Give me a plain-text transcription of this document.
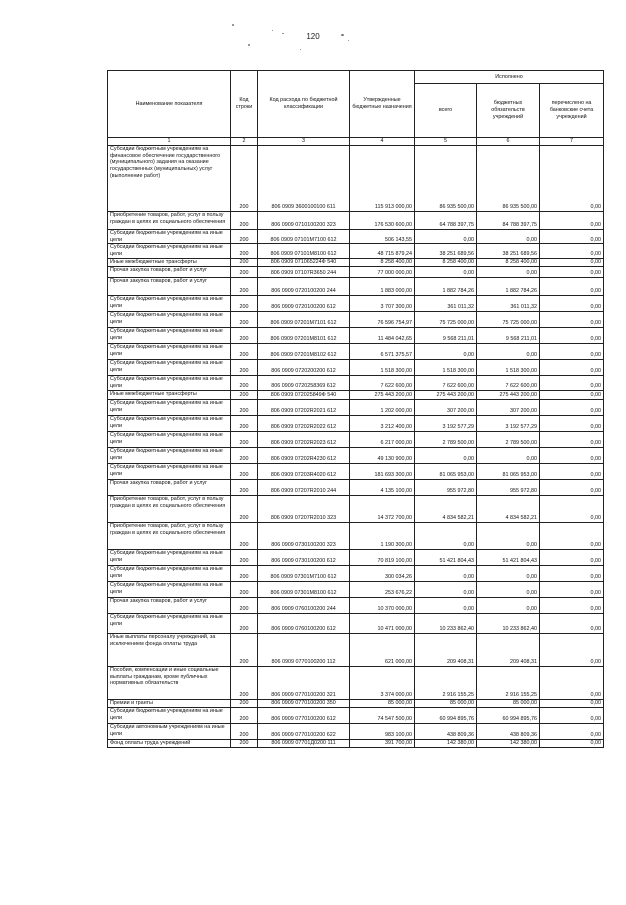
120
Наименование показателя	Код строки	Код расхода по бюджетной классификации	Утвержденные бюджетные назначения	Исполнено		
				всего	бюджетных обязательств учреждений	перечислено на банковские счета учреждений
1	2	3	4	5	6	7
Субсидии бюджетным учреждениям на финансовое обеспечение государственного (муниципального) задания на оказание государственных (муниципальных) услуг (выполнение работ)	200	806 0909 3600100100 611	115 913 000,00	86 935 500,00	86 935 500,00	0,00
Приобретение товаров, работ, услуг в пользу граждан в целях их социального обеспечения	200	806 0909 0710100200 323	176 530 600,00	64 788 397,75	84 788 397,75	0,00
Субсидии бюджетным учреждениям на иные цели	200	806 0909 07101M7100 612	506 143,55	0,00	0,00	0,00
Субсидии бюджетным учреждениям на иные цели	200	806 0909 07101M8100 612	48 715 879,24	38 251 689,56	38 251 689,56	0,00
Иные межбюджетные трансферты	200	806 0909 071065224Ф 540	8 258 400,00	8 258 400,00	8 258 400,00	0,00
Прочая закупка товаров, работ и услуг	200	806 0909 07107R3650 244	77 000 000,00	0,00	0,00	0,00
Прочая закупка товаров, работ и услуг	200	806 0909 0720100200 244	1 883 000,00	1 882 784,26	1 882 784,26	0,00
Субсидии бюджетным учреждениям на иные цели	200	806 0909 0720100200 612	3 707 300,00	361 011,32	361 011,32	0,00
Субсидии бюджетным учреждениям на иные цели	200	806 0909 07201M7101 612	76 596 754,97	75 725 000,00	75 725 000,00	0,00
Субсидии бюджетным учреждениям на иные цели	200	806 0909 07201M8101 612	11 484 042,65	9 568 211,01	9 568 211,01	0,00
Субсидии бюджетным учреждениям на иные цели	200	806 0909 07201M8102 612	6 571 375,57	0,00	0,00	0,00
Субсидии бюджетным учреждениям на иные цели	200	806 0909 0720200200 612	1 518 300,00	1 518 300,00	1 518 300,00	0,00
Субсидии бюджетным учреждениям на иные цели	200	806 0909 0720258369 612	7 622 600,00	7 622 600,00	7 622 600,00	0,00
Иные межбюджетные трансферты	200	806 0909 072025849Ф 540	275 443 200,00	275 443 200,00	275 443 200,00	0,00
Субсидии бюджетным учреждениям на иные цели	200	806 0909 07202R2021 612	1 202 000,00	307 200,00	307 200,00	0,00
Субсидии бюджетным учреждениям на иные цели	200	806 0909 07202R2022 612	3 212 400,00	3 192 577,29	3 192 577,29	0,00
Субсидии бюджетным учреждениям на иные цели	200	806 0909 07202R2023 612	6 217 000,00	2 789 500,00	2 789 500,00	0,00
Субсидии бюджетным учреждениям на иные цели	200	806 0909 07202R4230 612	49 130 900,00	0,00	0,00	0,00
Субсидии бюджетным учреждениям на иные цели	200	806 0909 07203R4020 612	181 693 300,00	81 065 953,00	81 065 953,00	0,00
Прочая закупка товаров, работ и услуг	200	806 0909 07207R2010 244	4 135 100,00	955 972,80	955 972,80	0,00
Приобретение товаров, работ, услуг в пользу граждан в целях их социального обеспечения	200	806 0909 07207R2010 323	14 372 700,00	4 834 582,21	4 834 582,21	0,00
Приобретение товаров, работ, услуг в пользу граждан в целях их социального обеспечения	200	806 0909 0730100200 323	1 190 300,00	0,00	0,00	0,00
Субсидии бюджетным учреждениям на иные цели	200	806 0909 0730100200 612	70 819 100,00	51 421 804,43	51 421 804,43	0,00
Субсидии бюджетным учреждениям на иные цели	200	806 0909 07301M7100 612	300 034,26	0,00	0,00	0,00
Субсидии бюджетным учреждениям на иные цели	200	806 0909 07301M8100 612	253 676,22	0,00	0,00	0,00
Прочая закупка товаров, работ и услуг	200	806 0909 0760100200 244	10 370 000,00	0,00	0,00	0,00
Субсидии бюджетным учреждениям на иные цели	200	806 0909 0760100200 612	10 471 000,00	10 233 862,40	10 233 862,40	0,00
Иные выплаты персоналу учреждений, за исключением фонда оплаты труда	200	806 0909 0770100200 112	621 000,00	209 408,31	209 408,31	0,00
Пособия, компенсации и иные социальные выплаты гражданам, кроме публичных нормативных обязательств	200	806 0909 0770100200 321	3 374 000,00	2 916 155,25	2 916 155,25	0,00
Премии и гранты	200	806 0909 0770100200 350	85 000,00	85 000,00	85 000,00	0,00
Субсидии бюджетным учреждениям на иные цели	200	806 0909 0770100200 612	74 547 500,00	60 994 895,76	60 994 895,76	0,00
Субсидии автономным учреждениям на иные цели	200	806 0909 0770100200 622	983 100,00	438 809,36	438 809,36	0,00
Фонд оплаты труда учреждений	200	806 0909 07701Д0200 111	391 700,00	142 380,00	142 380,00	0,00
